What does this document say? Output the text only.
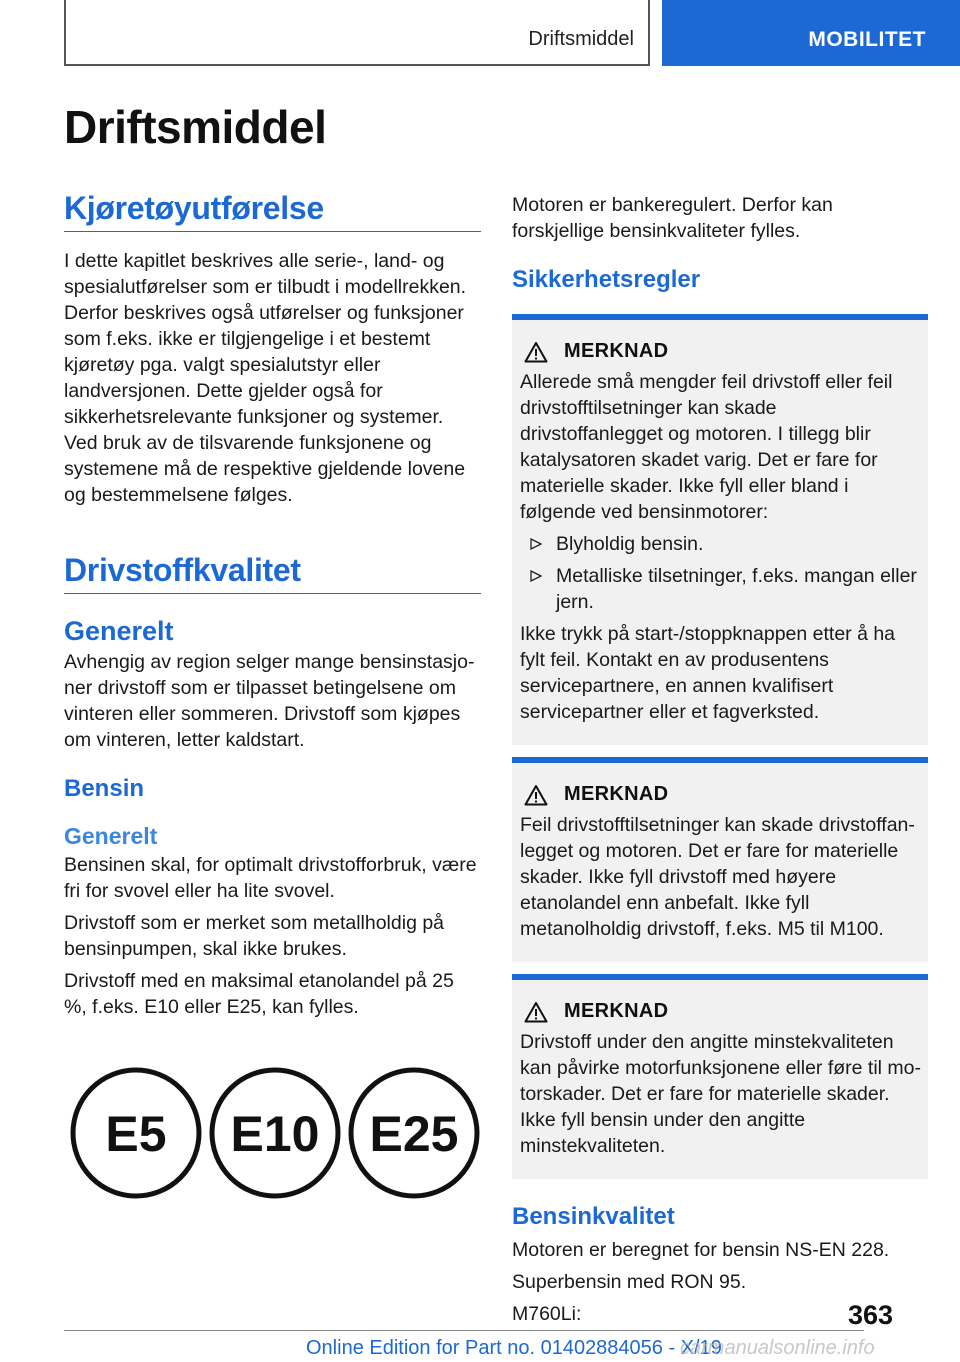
Driftsmiddel	MOBILITET
Driftsmiddel
Kjøretøyutførelse

I dette kapitlet beskrives alle serie-, land- og spesialutførelser som er tilbudt i modellrekken. Derfor beskrives også utførelser og funksjoner som f.eks. ikke er tilgjengelige i et bestemt kjøretøy pga. valgt spesialutstyr eller landversjonen. Dette gjelder også for sikkerhetsrelevante funksjoner og systemer. Ved bruk av de tilsvarende funksjonene og systemene må de respektive gjeldende lovene og bestemmelsene følges.

Drivstoffkvalitet
Generelt

Avhengig av region selger mange bensinstasjoner drivstoff som er tilpasset betingelsene om vinteren eller sommeren. Drivstoff som kjøpes om vinteren, letter kaldstart.

Bensin
Generelt

Bensinen skal, for optimalt drivstofforbruk, være fri for svovel eller ha lite svovel.

Drivstoff som er merket som metallholdig på bensinpumpen, skal ikke brukes.

Drivstoff med en maksimal etanolandel på 25 %, f.eks. E10 eller E25, kan fylles.

E5 E10 E25

Motoren er bankeregulert. Derfor kan forskjellige bensinkvaliteter fylles.

Sikkerhetsregler
MERKNAD

Allerede små mengder feil drivstoff eller feil drivstofftilsetninger kan skade drivstoffanlegget og motoren. I tillegg blir katalysatoren skadet varig. Det er fare for materielle skader. Ikke fyll eller bland i følgende ved bensinmotorer:

Blyholdig bensin.
Metalliske tilsetninger, f.eks. mangan eller jern.

Ikke trykk på start-/stoppknappen etter å ha fylt feil. Kontakt en av produsentens servicepartnere, en annen kvalifisert servicepartner eller et fagverksted.

MERKNAD

Feil drivstofftilsetninger kan skade drivstoffanlegget og motoren. Det er fare for materielle skader. Ikke fyll drivstoff med høyere etanolandel enn anbefalt. Ikke fyll metanolholdig drivstoff, f.eks. M5 til M100.

MERKNAD

Drivstoff under den angitte minstekvaliteten kan påvirke motorfunksjonene eller føre til motorskader. Det er fare for materielle skader. Ikke fyll bensin under den angitte minstekvaliteten.

Bensinkvalitet

Motoren er beregnet for bensin NS-EN 228.

Superbensin med RON 95.

M760Li:	363
Online Edition for Part no. 01402884056 - X/19
carmanualsonline.info
